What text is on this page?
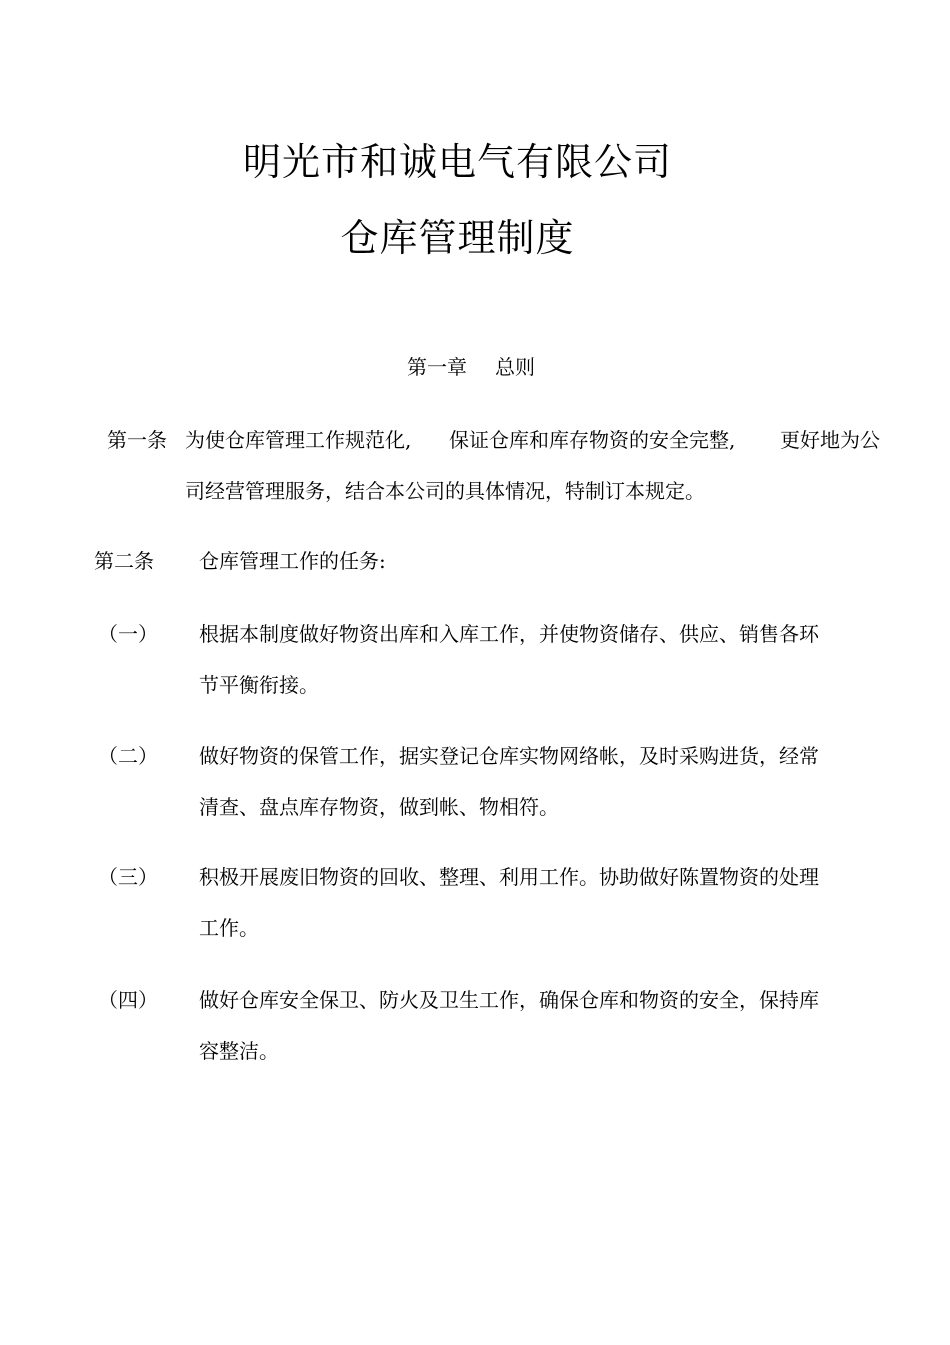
明光市和诚电气有限公司
仓库管理制度
第一章 总则
第一条 为使仓库管理工作规范化, 保证仓库和库存物资的安全完整, 更好地为公
司经营管理服务，结合本公司的具体情况，特制订本规定。
第二条 仓库管理工作的任务:
（一） 根据本制度做好物资出库和入库工作，并使物资储存、供应、销售各环
节平衡衔接。
（二） 做好物资的保管工作，据实登记仓库实物网络帐，及时采购进货，经常
清查、盘点库存物资，做到帐、物相符。
（三） 积极开展废旧物资的回收、整理、利用工作。协助做好陈置物资的处理
工作。
（四） 做好仓库安全保卫、防火及卫生工作，确保仓库和物资的安全，保持库
容整洁。
